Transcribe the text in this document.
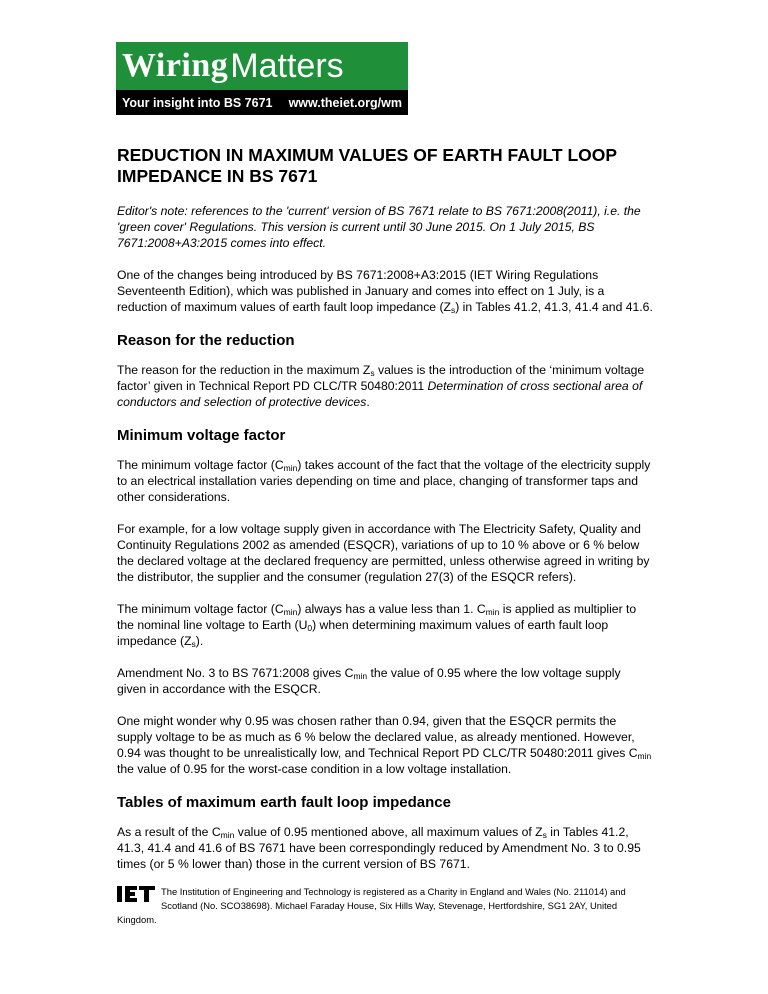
Wiring Matters
Your insight into BS 7671 www.theiet.org/wm
REDUCTION IN MAXIMUM VALUES OF EARTH FAULT LOOP IMPEDANCE IN BS 7671

Editor's note: references to the 'current' version of BS 7671 relate to BS 7671:2008(2011), i.e. the 'green cover' Regulations. This version is current until 30 June 2015. On 1 July 2015, BS 7671:2008+A3:2015 comes into effect.

One of the changes being introduced by BS 7671:2008+A3:2015 (IET Wiring Regulations Seventeenth Edition), which was published in January and comes into effect on 1 July, is a reduction of maximum values of earth fault loop impedance $(Z_s)$ in Tables 41.2, 41.3, 41.4 and 41.6.

Reason for the reduction

The reason for the reduction in the maximum $Z_s$ values is the introduction of the ‘minimum voltage factor’ given in Technical Report PD CLC/TR 50480:2011 Determination of cross sectional area of conductors and selection of protective devices.

Minimum voltage factor

The minimum voltage factor $(C_{min})$ takes account of the fact that the voltage of the electricity supply to an electrical installation varies depending on time and place, changing of transformer taps and other considerations.

For example, for a low voltage supply given in accordance with The Electricity Safety, Quality and Continuity Regulations 2002 as amended (ESQCR), variations of up to 10 % above or 6 % below the declared voltage at the declared frequency are permitted, unless otherwise agreed in writing by the distributor, the supplier and the consumer (regulation 27(3) of the ESQCR refers).

The minimum voltage factor $(C_{min})$ always has a value less than 1. $C_{min}$ is applied as multiplier to the nominal line voltage to Earth $(U_0)$ when determining maximum values of earth fault loop impedance $(Z_s)$.

Amendment No. 3 to BS 7671:2008 gives $C_{min}$ the value of 0.95 where the low voltage supply given in accordance with the ESQCR.

One might wonder why 0.95 was chosen rather than 0.94, given that the ESQCR permits the supply voltage to be as much as 6 % below the declared value, as already mentioned. However, 0.94 was thought to be unrealistically low, and Technical Report PD CLC/TR 50480:2011 gives $C_{min}$ the value of 0.95 for the worst-case condition in a low voltage installation.

Tables of maximum earth fault loop impedance

As a result of the $C_{min}$ value of 0.95 mentioned above, all maximum values of $Z_s$ in Tables 41.2, 41.3, 41.4 and 41.6 of BS 7671 have been correspondingly reduced by Amendment No. 3 to 0.95 times (or 5 % lower than) those in the current version of BS 7671.

The Institution of Engineering and Technology is registered as a Charity in England and Wales (No. 211014) and Scotland (No. SCO38698). Michael Faraday House, Six Hills Way, Stevenage, Hertfordshire, SG1 2AY, United Kingdom.
